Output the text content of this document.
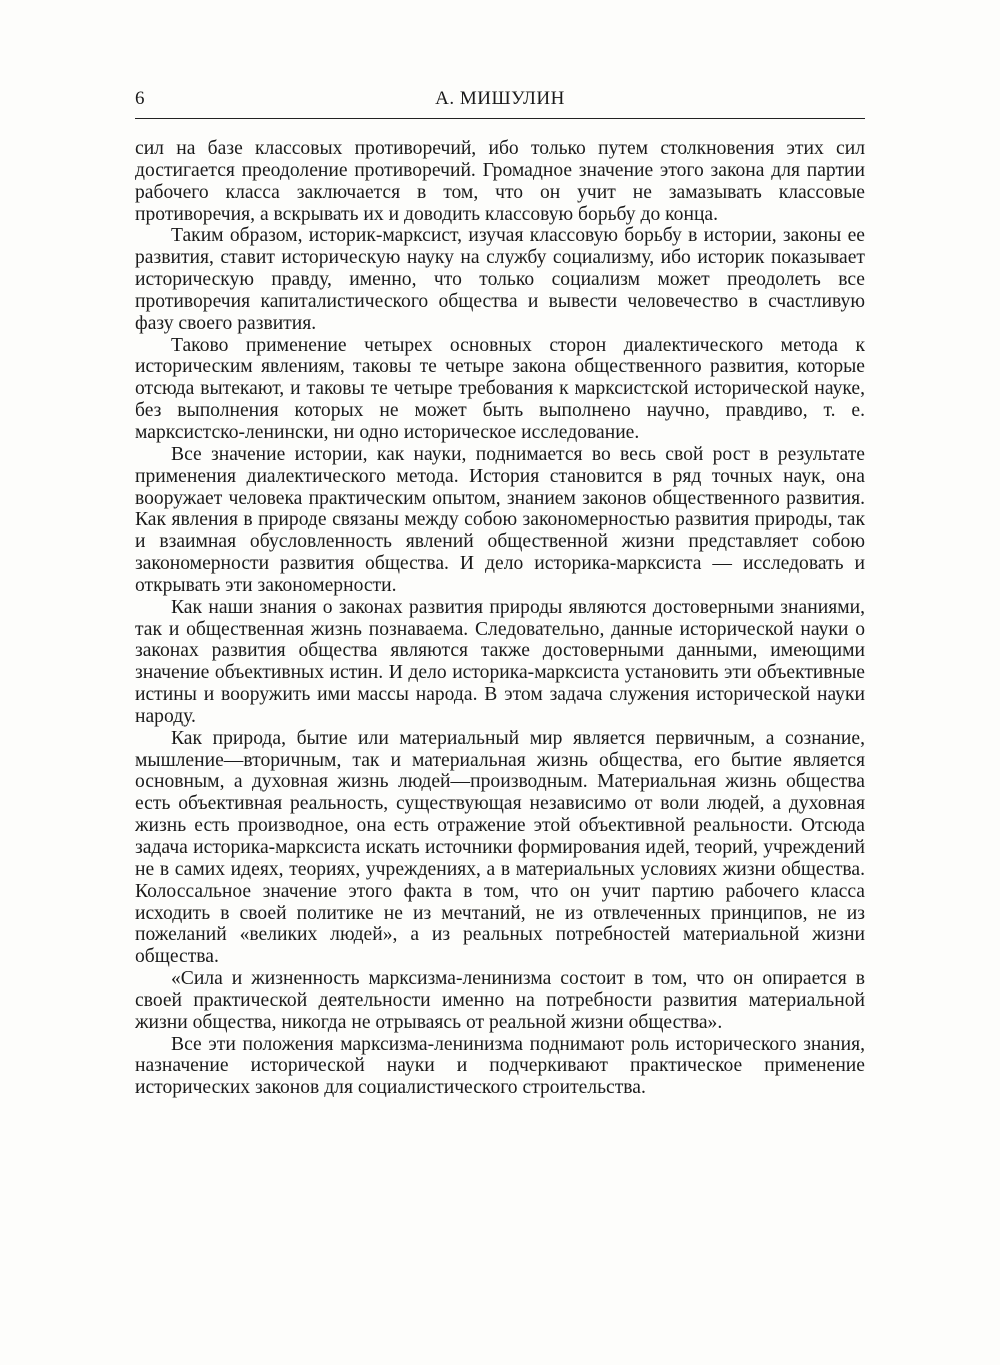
6	А. МИШУЛИН

сил на базе классовых противоречий, ибо только путем столкновения этих сил достигается преодоление противоречий. Громадное значение этого закона для партии рабочего класса заключается в том, что он учит не замазывать классовые противоречия, а вскрывать их и доводить классовую борьбу до конца.

Таким образом, историк-марксист, изучая классовую борьбу в истории, законы ее развития, ставит историческую науку на службу социализму, ибо историк показывает историческую правду, именно, что только социализм может преодолеть все противоречия капиталистического общества и вывести человечество в счастливую фазу своего развития.

Таково применение четырех основных сторон диалектического метода к историческим явлениям, таковы те четыре закона общественного развития, которые отсюда вытекают, и таковы те четыре требования к марксистской исторической науке, без выполнения которых не может быть выполнено научно, правдиво, т. е. марксистско-ленински, ни одно историческое исследование.

Все значение истории, как науки, поднимается во весь свой рост в результате применения диалектического метода. История становится в ряд точных наук, она вооружает человека практическим опытом, знанием законов общественного развития. Как явления в природе связаны между собою закономерностью развития природы, так и взаимная обусловленность явлений общественной жизни представляет собою закономерности развития общества. И дело историка-марксиста — исследовать и открывать эти закономерности.

Как наши знания о законах развития природы являются достоверными знаниями, так и общественная жизнь познаваема. Следовательно, данные исторической науки о законах развития общества являются также достоверными данными, имеющими значение объективных истин. И дело историка-марксиста установить эти объективные истины и вооружить ими массы народа. В этом задача служения исторической науки народу.

Как природа, бытие или материальный мир является первичным, а сознание, мышление—вторичным, так и материальная жизнь общества, его бытие является основным, а духовная жизнь людей—производным. Материальная жизнь общества есть объективная реальность, существующая независимо от воли людей, а духовная жизнь есть производное, она есть отражение этой объективной реальности. Отсюда задача историка-марксиста искать источники формирования идей, теорий, учреждений не в самих идеях, теориях, учреждениях, а в материальных условиях жизни общества. Колоссальное значение этого факта в том, что он учит партию рабочего класса исходить в своей политике не из мечтаний, не из отвлеченных принципов, не из пожеланий «великих людей», а из реальных потребностей материальной жизни общества.

«Сила и жизненность марксизма-ленинизма состоит в том, что он опирается в своей практической деятельности именно на потребности развития материальной жизни общества, никогда не отрываясь от реальной жизни общества».

Все эти положения марксизма-ленинизма поднимают роль исторического знания, назначение исторической науки и подчеркивают практическое применение исторических законов для социалистического строительства.
